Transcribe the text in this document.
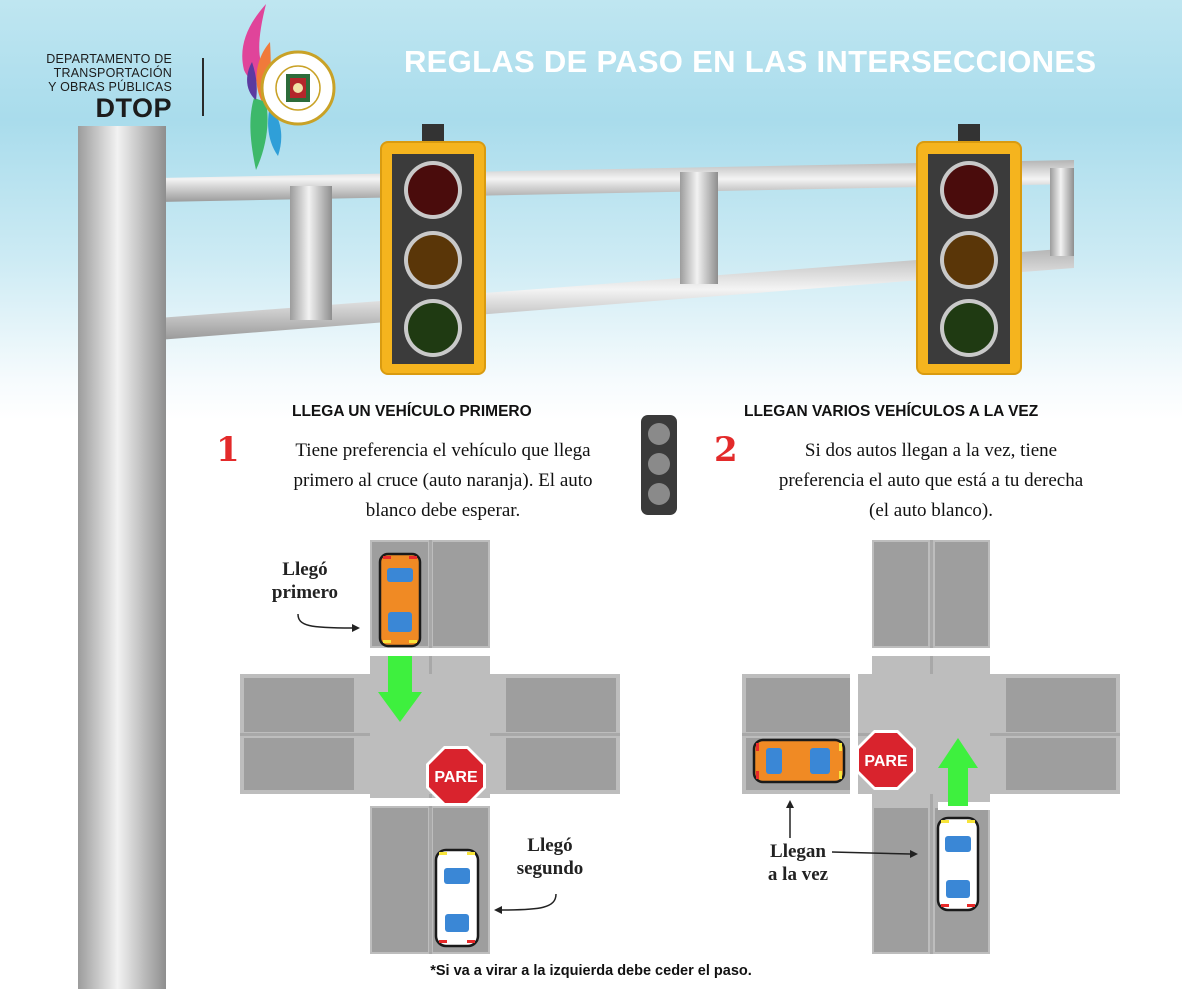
DEPARTAMENTO DE
TRANSPORTACIÓN
Y OBRAS PÚBLICAS
DTOP
REGLAS DE PASO EN LAS INTERSECCIONES
LLEGA UN VEHÍCULO PRIMERO
1	Tiene preferencia el vehículo que llega
primero al cruce (auto naranja). El auto
blanco debe esperar.
LLEGAN VARIOS VEHÍCULOS A LA VEZ
2	Si dos autos llegan a la vez, tiene
preferencia el auto que está a tu derecha
(el auto blanco).
PARE
Llegó
primero
Llegó
segundo
PARE
Llegan
a la vez
*Si va a virar a la izquierda debe ceder el paso.
